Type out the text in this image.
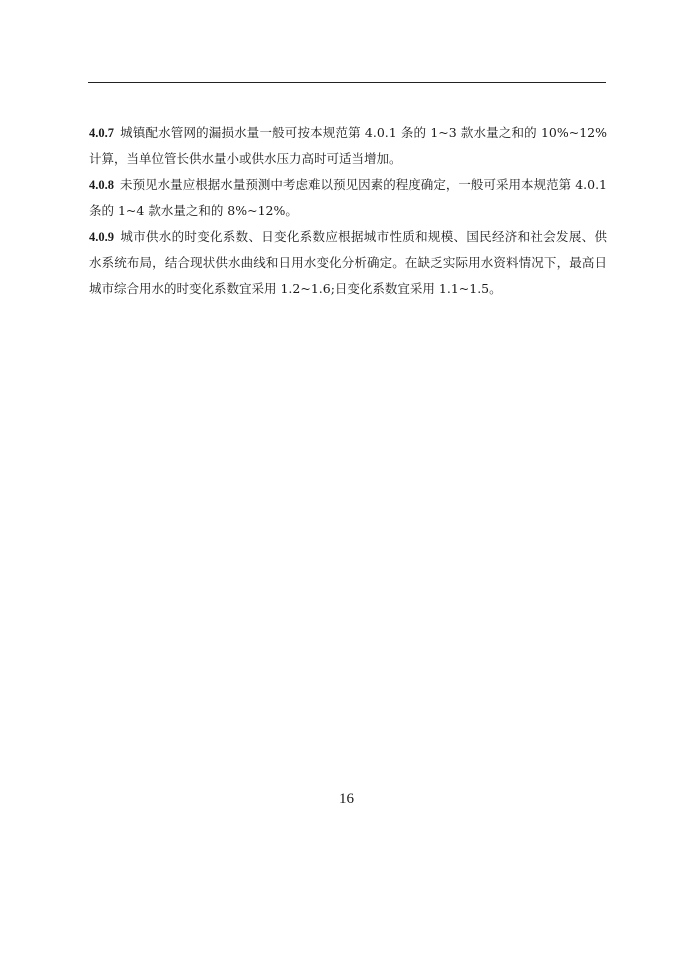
4.0.7 城镇配水管网的漏损水量一般可按本规范第 4.0.1 条的 1~3 款水量之和的 10%~12%计算，当单位管长供水量小或供水压力高时可适当增加。

4.0.8 未预见水量应根据水量预测中考虑难以预见因素的程度确定，一般可采用本规范第 4.0.1 条的 1~4 款水量之和的 8%~12%。

4.0.9 城市供水的时变化系数、日变化系数应根据城市性质和规模、国民经济和社会发展、供水系统布局，结合现状供水曲线和日用水变化分析确定。在缺乏实际用水资料情况下，最高日城市综合用水的时变化系数宜采用 1.2~1.6;日变化系数宜采用 1.1~1.5。

16
